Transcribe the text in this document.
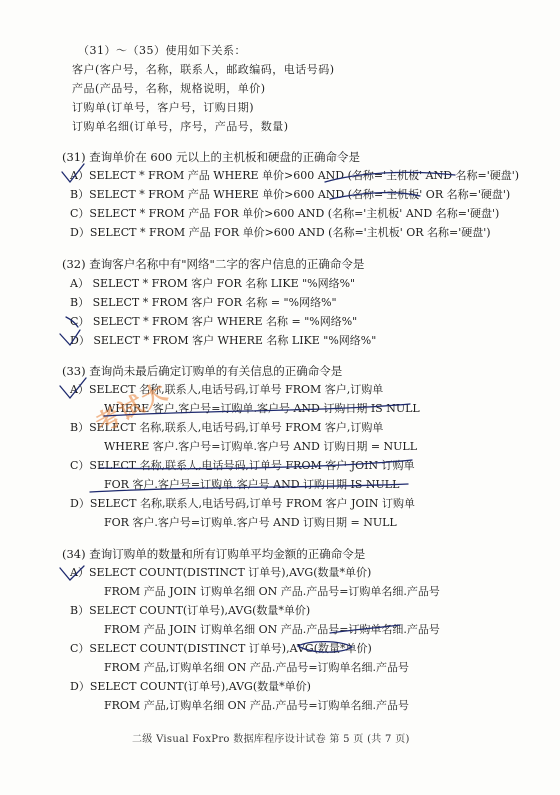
（31）～（35）使用如下关系：
客户(客户号，名称，联系人，邮政编码，电话号码)
产品(产品号，名称，规格说明，单价)
订购单(订单号，客户号，订购日期)
订购单名细(订单号，序号，产品号，数量)
(31) 查询单价在 600 元以上的主机板和硬盘的正确命令是
A）SELECT * FROM 产品 WHERE 单价>600 AND (名称='主机板' AND 名称='硬盘')
B）SELECT * FROM 产品 WHERE 单价>600 AND (名称='主机板' OR 名称='硬盘')
C）SELECT * FROM 产品 FOR 单价>600 AND (名称='主机板' AND 名称='硬盘')
D）SELECT * FROM 产品 FOR 单价>600 AND (名称='主机板' OR 名称='硬盘')
(32) 查询客户名称中有"网络"二字的客户信息的正确命令是
A） SELECT * FROM 客户 FOR 名称 LIKE "%网络%"
B） SELECT * FROM 客户 FOR 名称 = "%网络%"
C） SELECT * FROM 客户 WHERE 名称 = "%网络%"
D） SELECT * FROM 客户 WHERE 名称 LIKE "%网络%"
(33) 查询尚未最后确定订购单的有关信息的正确命令是
A）SELECT 名称,联系人,电话号码,订单号 FROM 客户,订购单
WHERE 客户.客户号=订购单.客户号 AND 订购日期 IS NULL
B）SELECT 名称,联系人,电话号码,订单号 FROM 客户,订购单
WHERE 客户.客户号=订购单.客户号 AND 订购日期 = NULL
C）SELECT 名称,联系人,电话号码,订单号 FROM 客户 JOIN 订购单
FOR 客户.客户号=订购单.客户号 AND 订购日期 IS NULL
D）SELECT 名称,联系人,电话号码,订单号 FROM 客户 JOIN 订购单
FOR 客户.客户号=订购单.客户号 AND 订购日期 = NULL
(34) 查询订购单的数量和所有订购单平均金额的正确命令是
A）SELECT COUNT(DISTINCT 订单号),AVG(数量*单价)
FROM 产品 JOIN 订购单名细 ON 产品.产品号=订购单名细.产品号
B）SELECT COUNT(订单号),AVG(数量*单价)
FROM 产品 JOIN 订购单名细 ON 产品.产品号=订购单名细.产品号
C）SELECT COUNT(DISTINCT 订单号),AVG(数量*单价)
FROM 产品,订购单名细 ON 产品.产品号=订购单名细.产品号
D）SELECT COUNT(订单号),AVG(数量*单价)
FROM 产品,订购单名细 ON 产品.产品号=订购单名细.产品号
考试大
二级 Visual FoxPro 数据库程序设计试卷 第 5 页 (共 7 页)
